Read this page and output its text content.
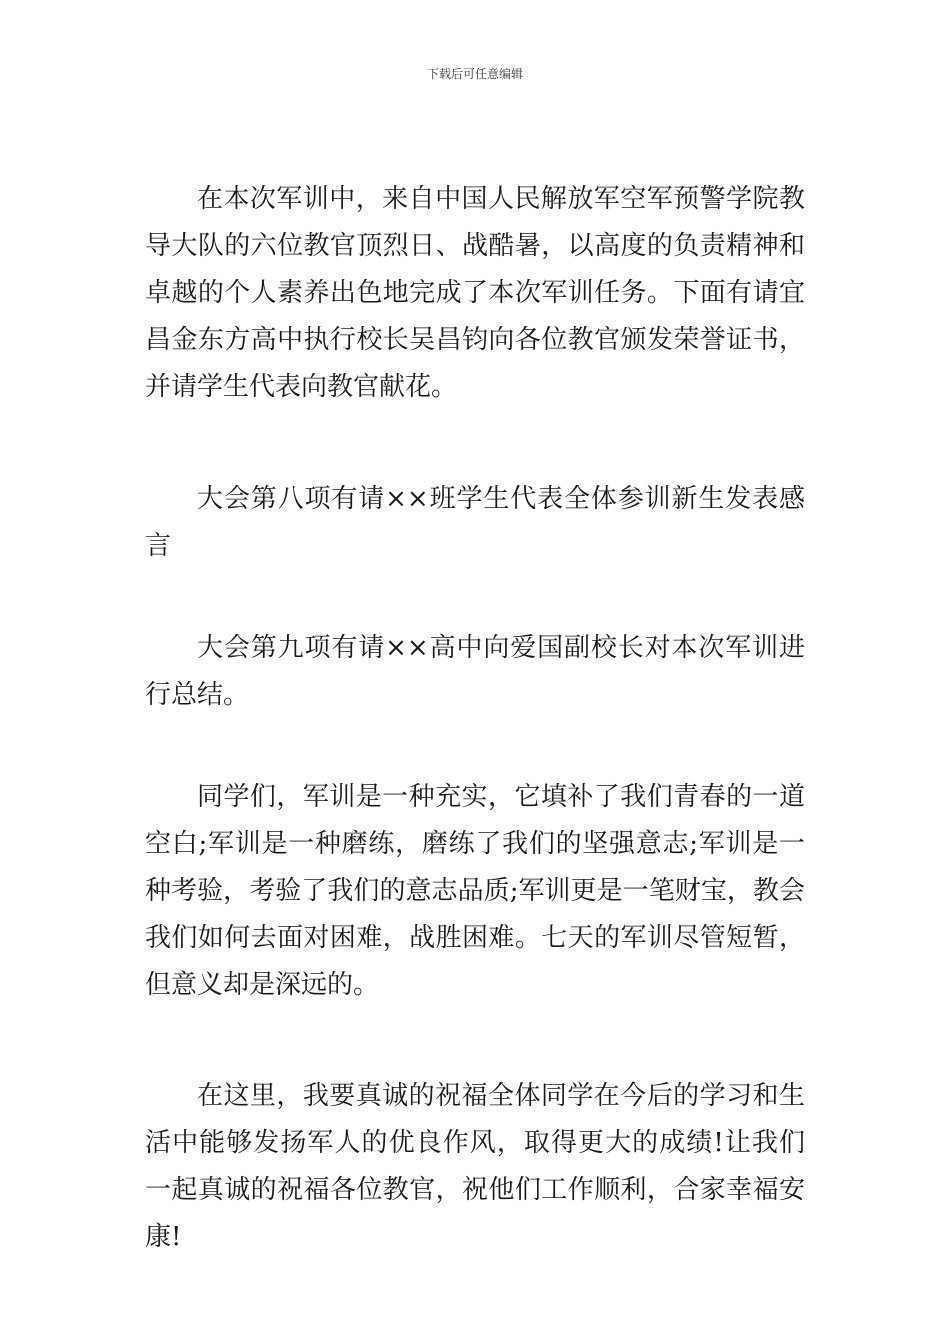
下载后可任意编辑

在本次军训中，来自中国人民解放军空军预警学院教导大队的六位教官顶烈日、战酷暑，以高度的负责精神和卓越的个人素养出色地完成了本次军训任务。下面有请宜昌金东方高中执行校长吴昌钧向各位教官颁发荣誉证书，并请学生代表向教官献花。

大会第八项有请××班学生代表全体参训新生发表感言

大会第九项有请××高中向爱国副校长对本次军训进行总结。

同学们，军训是一种充实，它填补了我们青春的一道空白;军训是一种磨练，磨练了我们的坚强意志;军训是一种考验，考验了我们的意志品质;军训更是一笔财宝，教会我们如何去面对困难，战胜困难。七天的军训尽管短暂，但意义却是深远的。

在这里，我要真诚的祝福全体同学在今后的学习和生活中能够发扬军人的优良作风，取得更大的成绩!让我们一起真诚的祝福各位教官，祝他们工作顺利，合家幸福安康!
